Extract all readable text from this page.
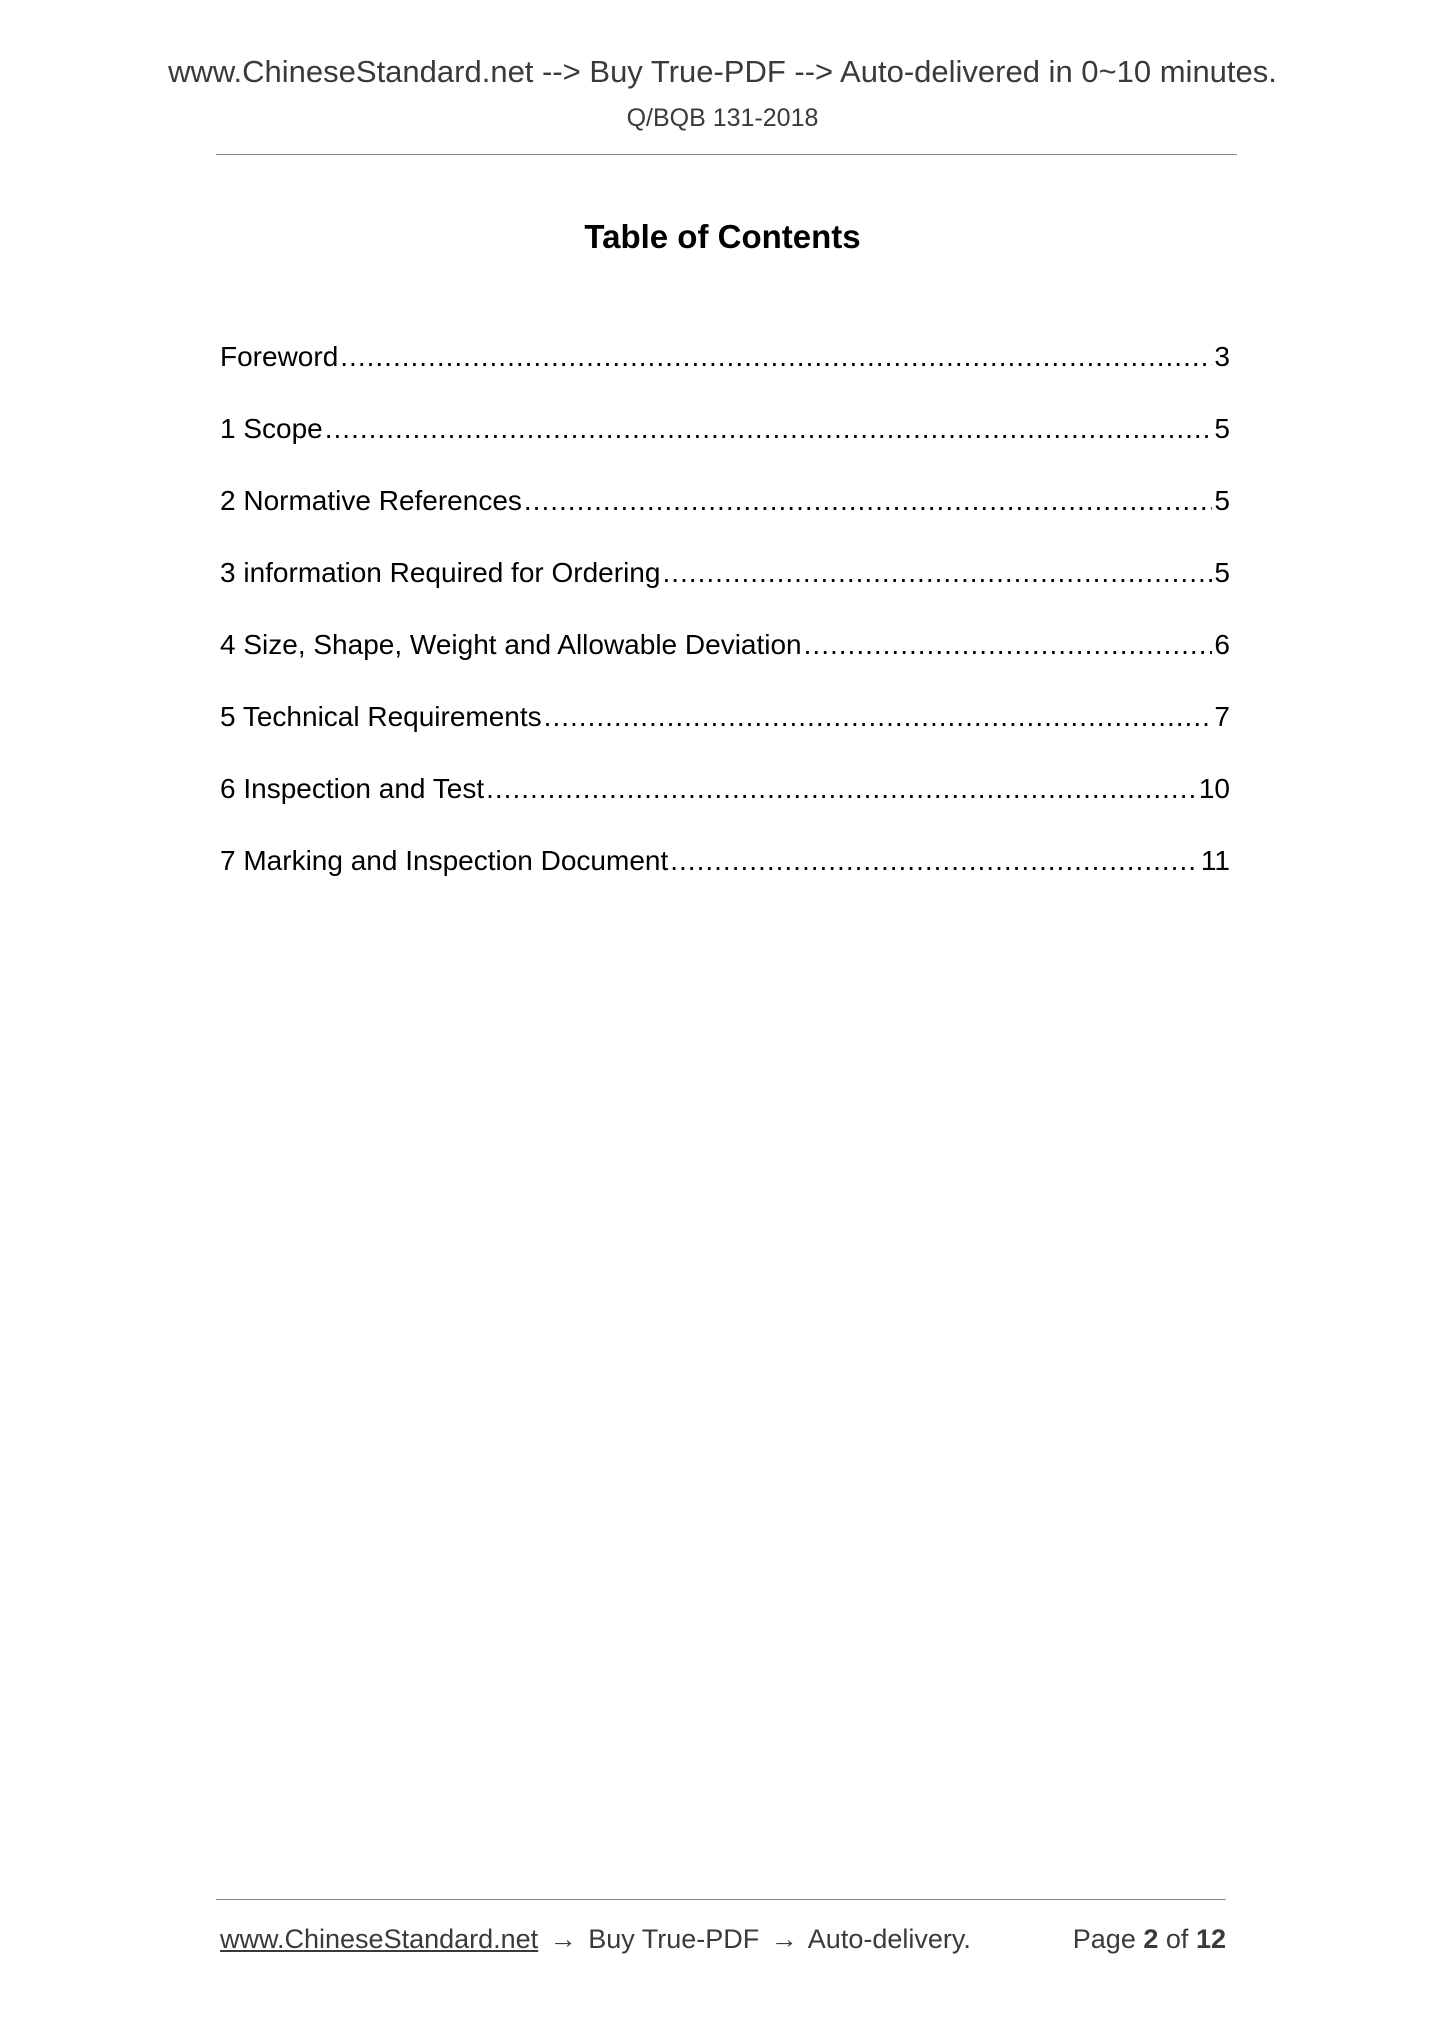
www.ChineseStandard.net --> Buy True-PDF --> Auto-delivered in 0~10 minutes.
Q/BQB 131-2018
Table of Contents
Foreword .....	3
1 Scope .....	5
2 Normative References .....	5
3 information Required for Ordering .....	5
4 Size, Shape, Weight and Allowable Deviation .....	6
5 Technical Requirements .....	7
6 Inspection and Test .....	10
7 Marking and Inspection Document .....	11
www.ChineseStandard.net → Buy True-PDF → Auto-delivery.	Page 2 of 12
